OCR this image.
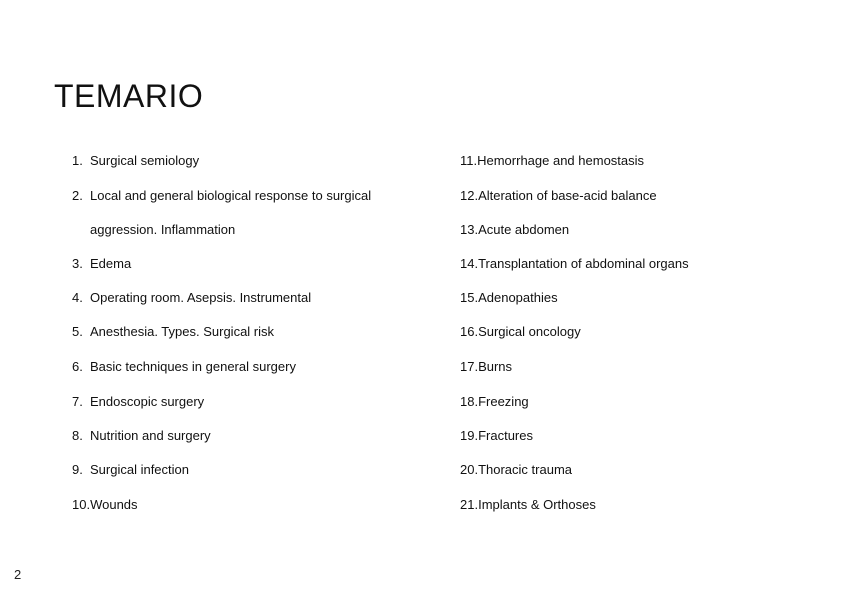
TEMARIO
1. Surgical semiology
2. Local and general biological response to surgical
aggression. Inflammation
3. Edema
4. Operating room. Asepsis. Instrumental
5. Anesthesia. Types. Surgical risk
6. Basic techniques in general surgery
7. Endoscopic surgery
8. Nutrition and surgery
9. Surgical infection
10. Wounds
11. Hemorrhage and hemostasis
12. Alteration of base-acid balance
13. Acute abdomen
14. Transplantation of abdominal organs
15. Adenopathies
16. Surgical oncology
17. Burns
18. Freezing
19. Fractures
20. Thoracic trauma
21. Implants & Orthoses
2
